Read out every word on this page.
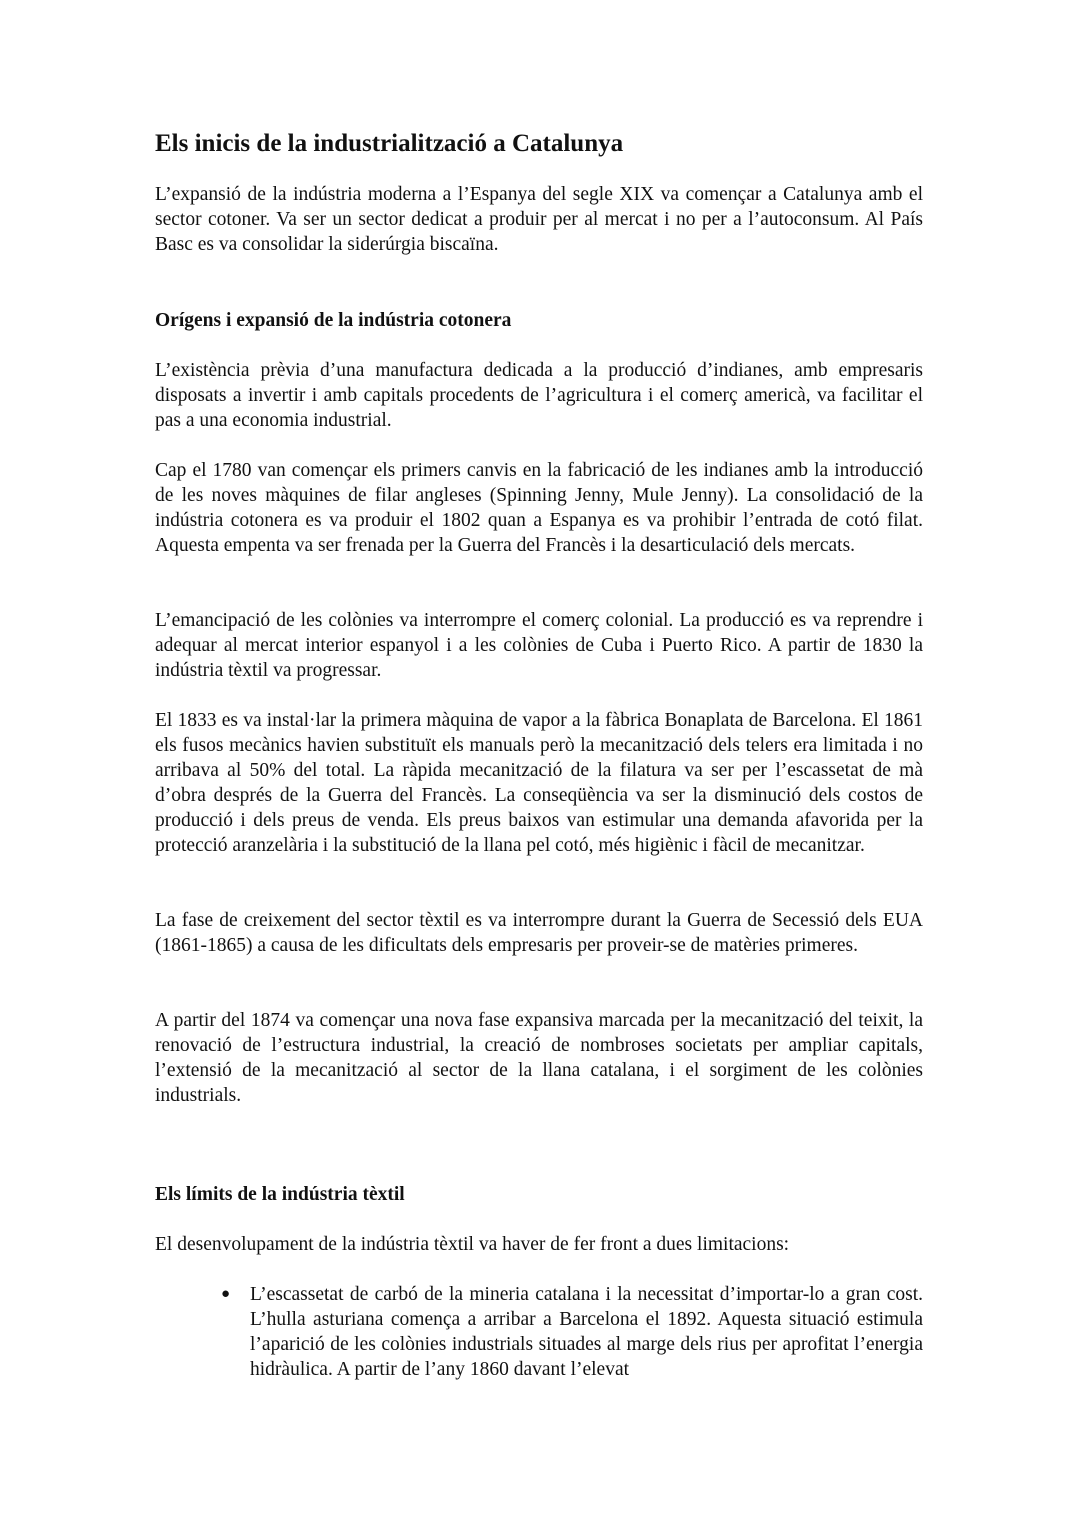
Els inicis de la industrialització a Catalunya

L’expansió de la indústria moderna a l’Espanya del segle XIX va començar a Catalunya amb el sector cotoner. Va ser un sector dedicat a produir per al mercat i no per a l’autoconsum. Al País Basc es va consolidar la siderúrgia biscaïna.

Orígens i expansió de la indústria cotonera

L’existència prèvia d’una manufactura dedicada a la producció d’indianes, amb empresaris disposats a invertir i amb capitals procedents de l’agricultura i el comerç americà, va facilitar el pas a una economia industrial.

Cap el 1780 van començar els primers canvis en la fabricació de les indianes amb la introducció de les noves màquines de filar angleses (Spinning Jenny, Mule Jenny). La consolidació de la indústria cotonera es va produir el 1802 quan a Espanya es va prohibir l’entrada de cotó filat. Aquesta empenta va ser frenada per la Guerra del Francès i la desarticulació dels mercats.

L’emancipació de les colònies va interrompre el comerç colonial. La producció es va reprendre i adequar al mercat interior espanyol i a les colònies de Cuba i Puerto Rico. A partir de 1830 la indústria tèxtil va progressar.

El 1833 es va instal·lar la primera màquina de vapor a la fàbrica Bonaplata de Barcelona. El 1861 els fusos mecànics havien substituït els manuals però la mecanització dels telers era limitada i no arribava al 50% del total. La ràpida mecanització de la filatura va ser per l’escassetat de mà d’obra després de la Guerra del Francès. La conseqüència va ser la disminució dels costos de producció i dels preus de venda. Els preus baixos van estimular una demanda afavorida per la protecció aranzelària i la substitució de la llana pel cotó, més higiènic i fàcil de mecanitzar.

La fase de creixement del sector tèxtil es va interrompre durant la Guerra de Secessió dels EUA (1861-1865) a causa de les dificultats dels empresaris per proveir-se de matèries primeres.

A partir del 1874 va començar una nova fase expansiva marcada per la mecanització del teixit, la renovació de l’estructura industrial, la creació de nombroses societats per ampliar capitals, l’extensió de la mecanització al sector de la llana catalana, i el sorgiment de les colònies industrials.

Els límits de la indústria tèxtil

El desenvolupament de la indústria tèxtil va haver de fer front a dues limitacions:

● L’escassetat de carbó de la mineria catalana i la necessitat d’importar-lo a gran cost. L’hulla asturiana comença a arribar a Barcelona el 1892. Aquesta situació estimula l’aparició de les colònies industrials situades al marge dels rius per aprofitat l’energia hidràulica. A partir de l’any 1860 davant l’elevat
